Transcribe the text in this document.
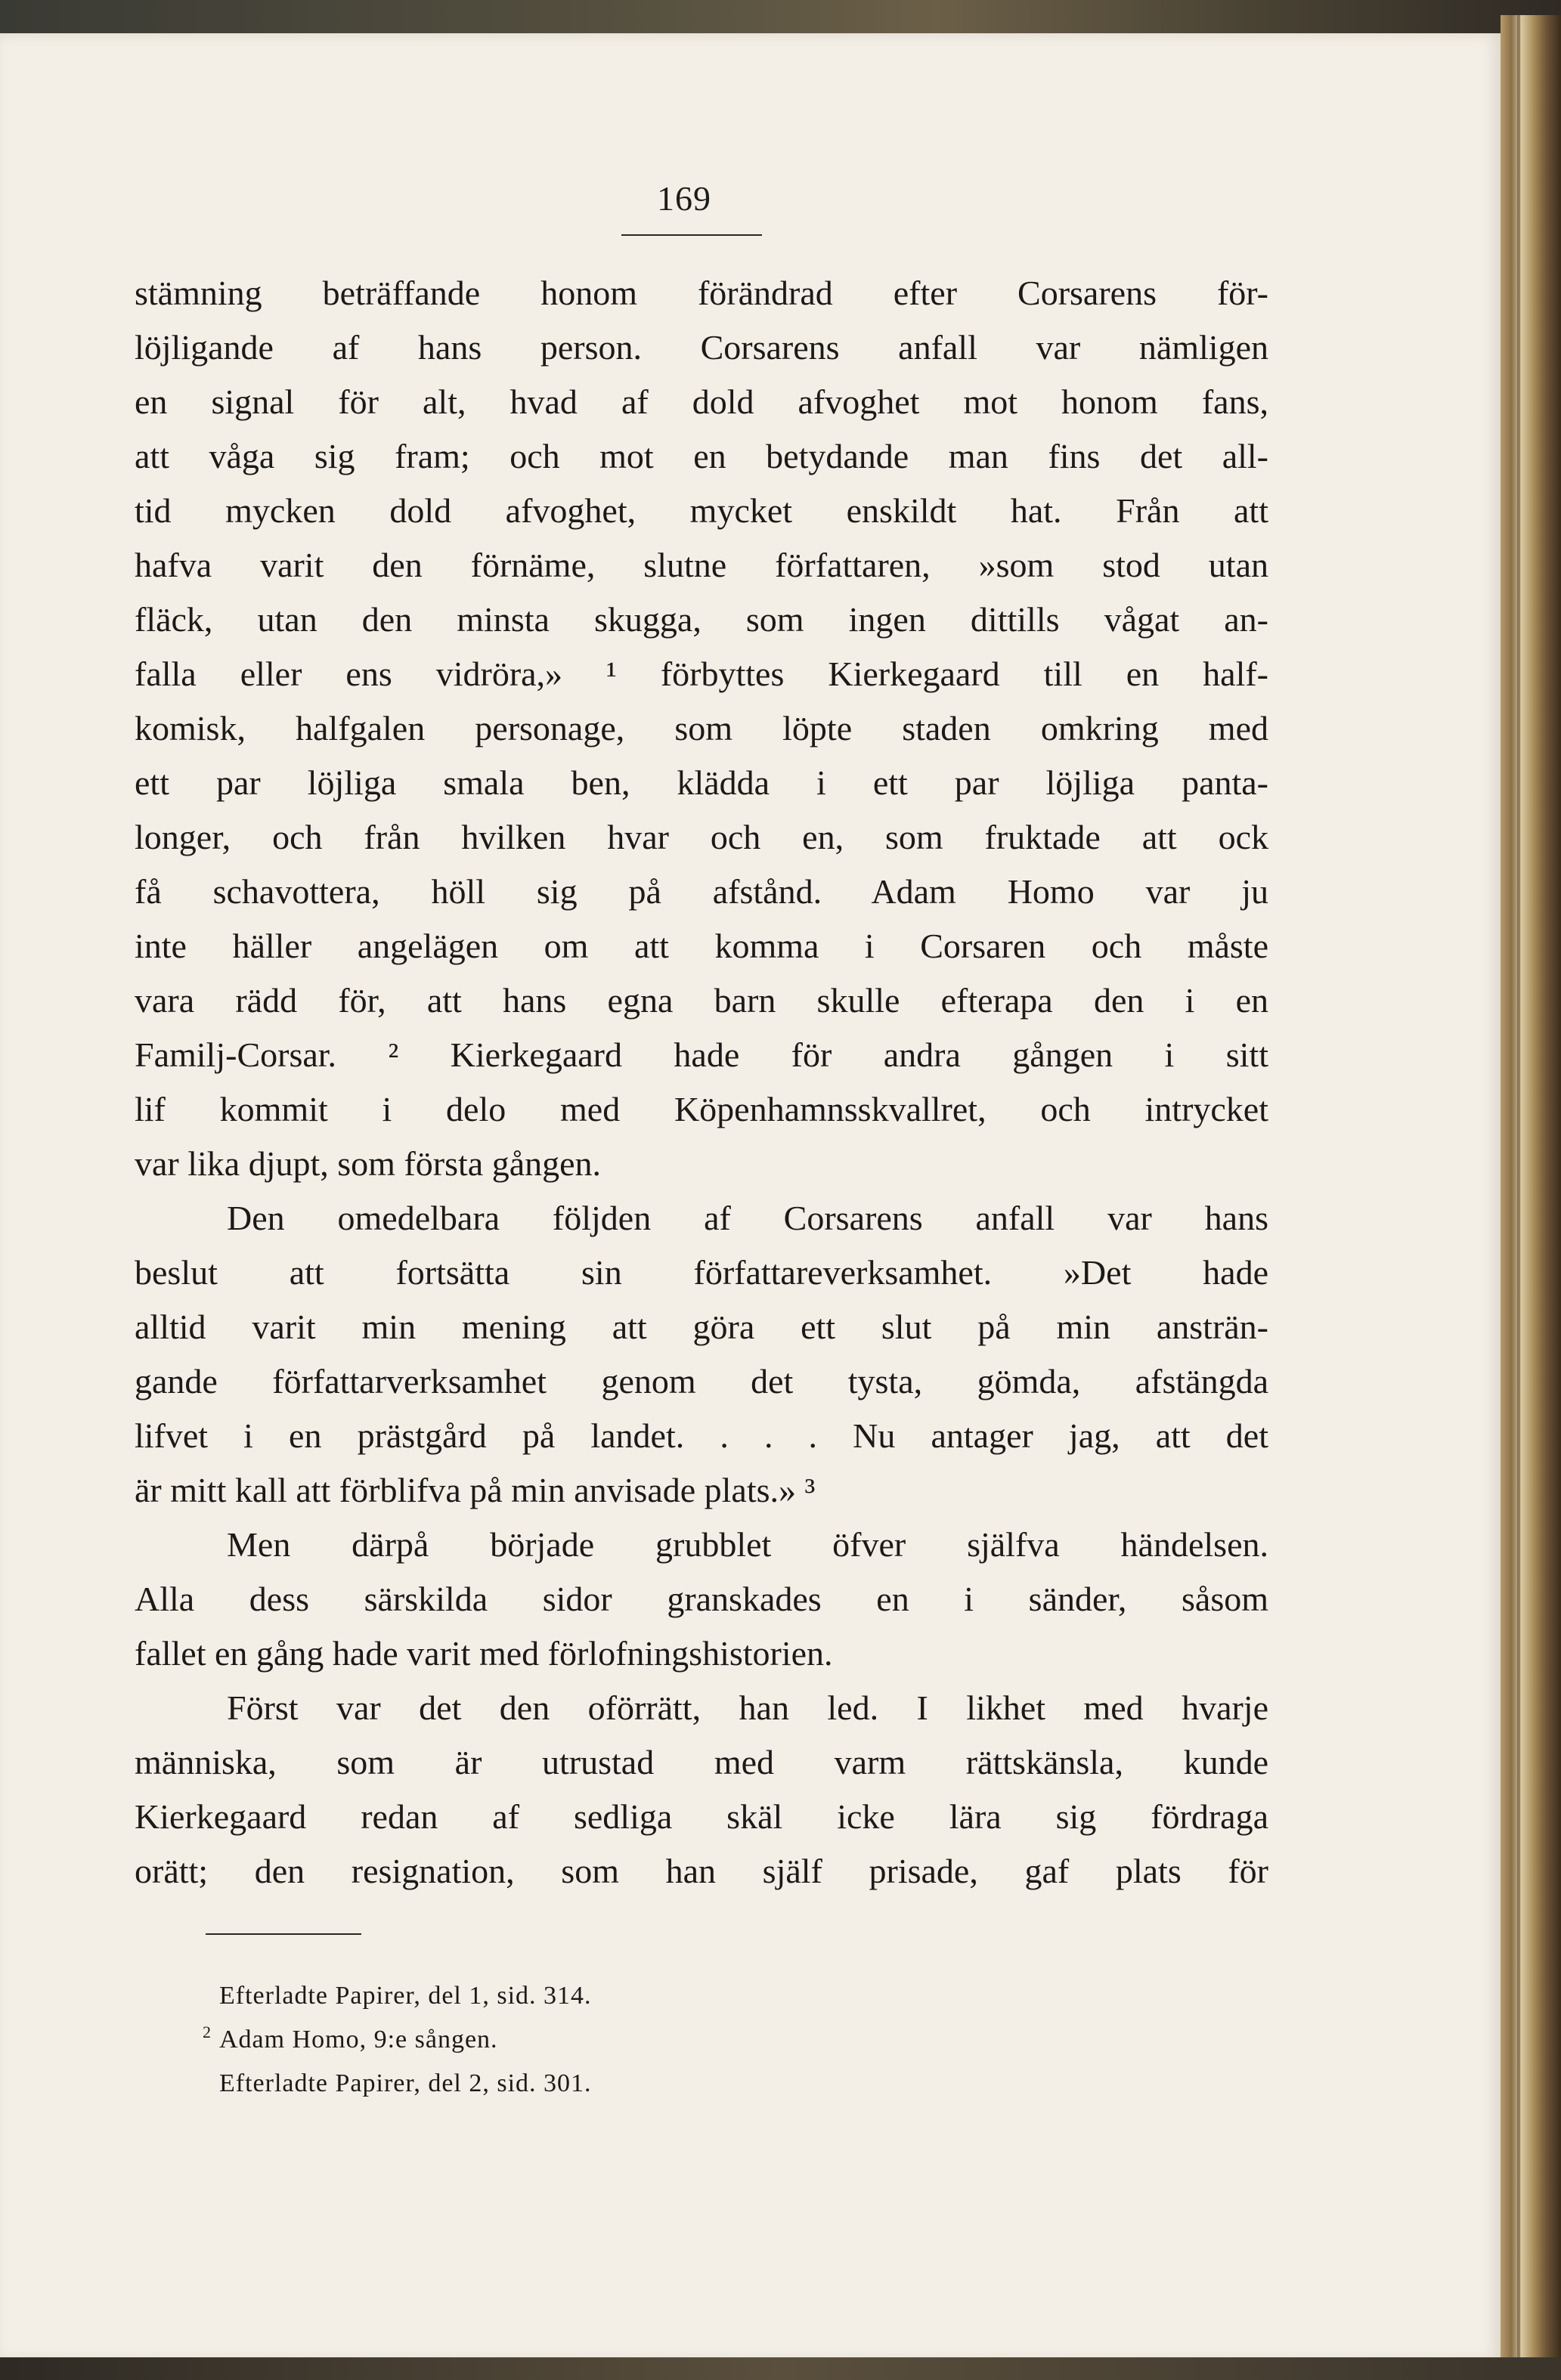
169
stämning beträffande honom förändrad efter Corsarens för-
löjligande af hans person. Corsarens anfall var nämligen
en signal för alt, hvad af dold afvoghet mot honom fans,
att våga sig fram; och mot en betydande man fins det all-
tid mycken dold afvoghet, mycket enskildt hat. Från att
hafva varit den förnäme, slutne författaren, »som stod utan
fläck, utan den minsta skugga, som ingen dittills vågat an-
falla eller ens vidröra,» ¹ förbyttes Kierkegaard till en half-
komisk, halfgalen personage, som löpte staden omkring med
ett par löjliga smala ben, klädda i ett par löjliga panta-
longer, och från hvilken hvar och en, som fruktade att ock
få schavottera, höll sig på afstånd. Adam Homo var ju
inte häller angelägen om att komma i Corsaren och måste
vara rädd för, att hans egna barn skulle efterapa den i en
Familj-Corsar. ² Kierkegaard hade för andra gången i sitt
lif kommit i delo med Köpenhamnsskvallret, och intrycket
var lika djupt, som första gången.
Den omedelbara följden af Corsarens anfall var hans
beslut att fortsätta sin författareverksamhet. »Det hade
alltid varit min mening att göra ett slut på min ansträn-
gande författarverksamhet genom det tysta, gömda, afstängda
lifvet i en prästgård på landet. . . . Nu antager jag, att det
är mitt kall att förblifva på min anvisade plats.» ³
Men därpå började grubblet öfver själfva händelsen.
Alla dess särskilda sidor granskades en i sänder, såsom
fallet en gång hade varit med förlofningshistorien.
Först var det den oförrätt, han led. I likhet med hvarje
människa, som är utrustad med varm rättskänsla, kunde
Kierkegaard redan af sedliga skäl icke lära sig fördraga
orätt; den resignation, som han själf prisade, gaf plats för
Efterladte Papirer, del 1, sid. 314.
2 Adam Homo, 9:e sången.
Efterladte Papirer, del 2, sid. 301.
